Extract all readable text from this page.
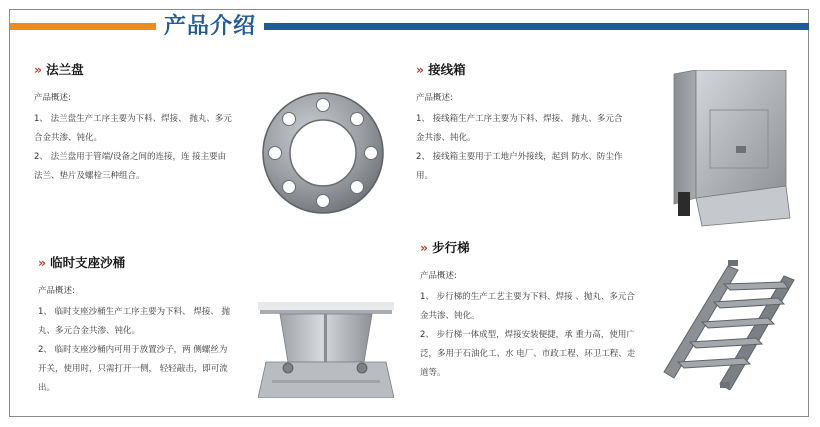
产品介绍
» 法兰盘
产品概述:

1、 法兰盘生产工序主要为下料、焊接、 抛丸、多元

合金共渗、钝化。

2、 法兰盘用于管端/设备之间的连接，连 接主要由

法兰、垫片及螺栓三种组合。

» 接线箱
产品概述:

1、 接线箱生产工序主要为下料、焊接、 抛丸、多元合

金共渗、钝化。

2、 接线箱主要用于工地户外接线，起到 防水、防尘作

用。

» 临时支座沙桶
产品概述:

1、 临时支座沙桶生产工序主要为下料、 焊接、 抛

丸、多元合金共渗、钝化。

2、 临时支座沙桶内可用于放置沙子，两 侧螺丝为

开关，使用时，只需打开一侧， 轻轻敲击，即可流

出。

» 步行梯
产品概述:

1、 步行梯的生产工艺主要为下料、焊接 、抛丸、多元合

金共渗、钝化。

2、 步行梯一体成型，焊接安装便捷，承 重力高，使用广

泛，多用于石油化工、水 电厂、市政工程、环卫工程、走

道等。
